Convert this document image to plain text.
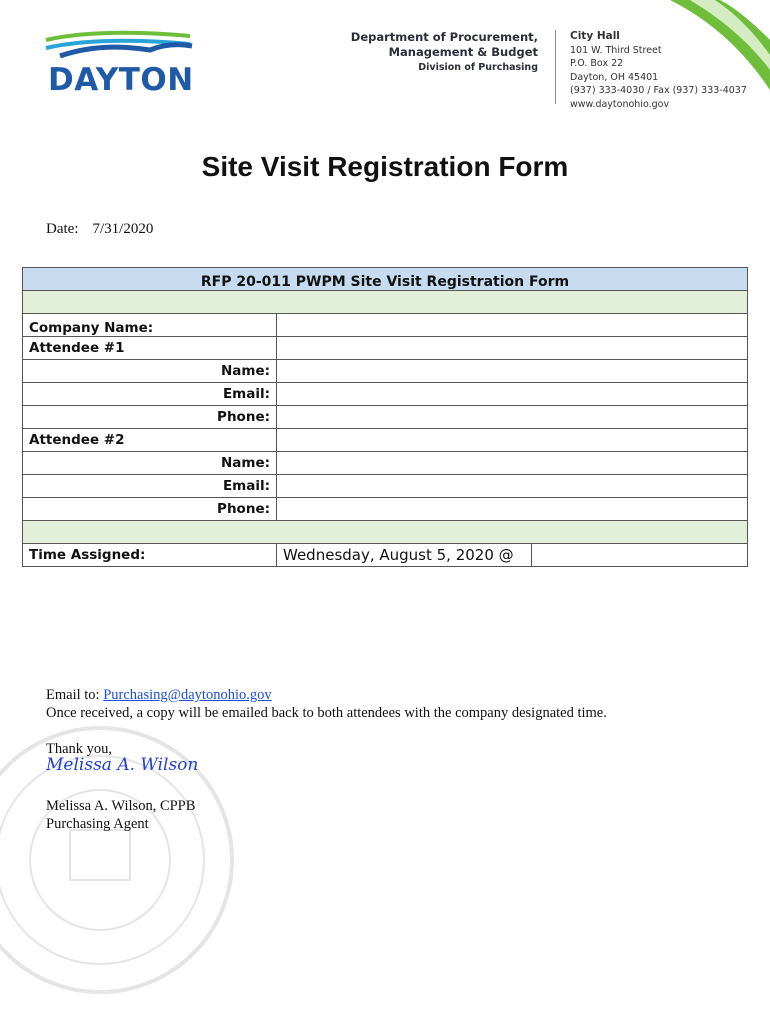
DAYTON
Department of Procurement,
Management & Budget
Division of Purchasing
City Hall
101 W. Third Street
P.O. Box 22
Dayton, OH 45401
(937) 333-4030 / Fax (937) 333-4037
www.daytonohio.gov
Site Visit Registration Form
Date: 7/31/2020
RFP 20-011 PWPM Site Visit Registration Form		

Company Name:		
Attendee #1		
Name:		
Email:		
Phone:		
Attendee #2		
Name:		
Email:		
Phone:		

Time Assigned:	Wednesday, August 5, 2020 @	
Email to: Purchasing@daytonohio.gov
Once received, a copy will be emailed back to both attendees with the company designated time.
Thank you,
Melissa A. Wilson
Melissa A. Wilson, CPPB
Purchasing Agent
